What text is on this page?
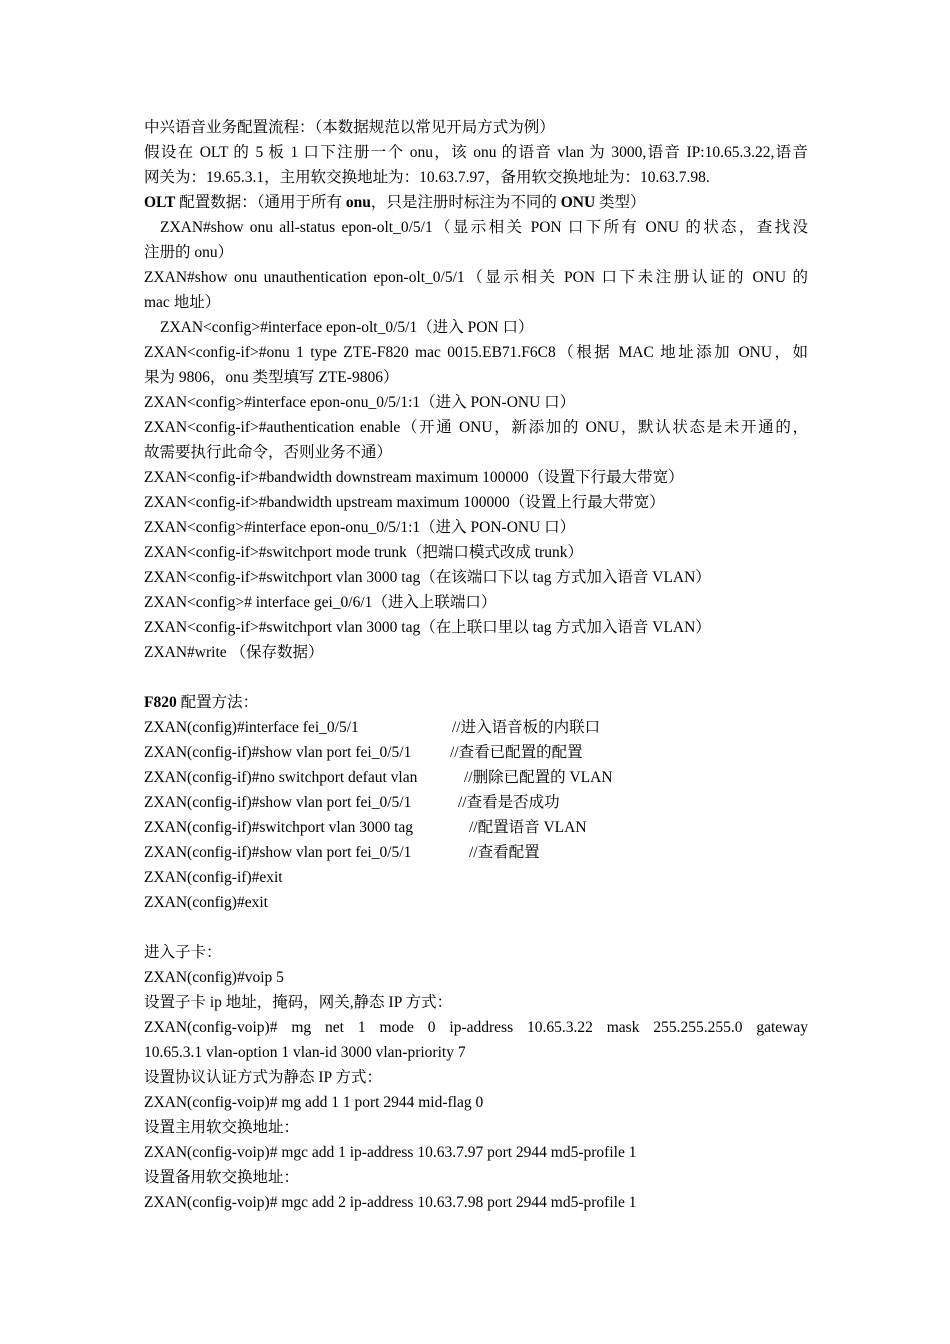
中兴语音业务配置流程：（本数据规范以常见开局方式为例）
假设在 OLT 的 5 板 1 口下注册一个 onu，该 onu 的语音 vlan 为 3000,语音 IP:10.65.3.22,语音
网关为：19.65.3.1，主用软交换地址为：10.63.7.97，备用软交换地址为：10.63.7.98.
OLT 配置数据：（通用于所有 onu，只是注册时标注为不同的 ONU 类型）
ZXAN#show onu all-status epon-olt_0/5/1（显示相关 PON 口下所有 ONU 的状态，查找没
注册的 onu）
ZXAN#show onu unauthentication epon-olt_0/5/1（显示相关 PON 口下未注册认证的 ONU 的
mac 地址）
ZXAN<config>#interface epon-olt_0/5/1（进入 PON 口）
ZXAN<config-if>#onu 1 type ZTE-F820 mac 0015.EB71.F6C8（根据 MAC 地址添加 ONU，如
果为 9806，onu 类型填写 ZTE-9806）
ZXAN<config>#interface epon-onu_0/5/1:1（进入 PON-ONU 口）
ZXAN<config-if>#authentication enable（开通 ONU，新添加的 ONU，默认状态是未开通的，
故需要执行此命令，否则业务不通）
ZXAN<config-if>#bandwidth downstream maximum 100000（设置下行最大带宽）
ZXAN<config-if>#bandwidth upstream maximum 100000（设置上行最大带宽）
ZXAN<config>#interface epon-onu_0/5/1:1（进入 PON-ONU 口）
ZXAN<config-if>#switchport mode trunk（把端口模式改成 trunk）
ZXAN<config-if>#switchport vlan 3000 tag（在该端口下以 tag 方式加入语音 VLAN）
ZXAN<config># interface gei_0/6/1（进入上联端口）
ZXAN<config-if>#switchport vlan 3000 tag（在上联口里以 tag 方式加入语音 VLAN）
ZXAN#write （保存数据）
F820 配置方法：
ZXAN(config)#interface fei_0/5/1	//进入语音板的内联口
ZXAN(config-if)#show vlan port fei_0/5/1	//查看已配置的配置
ZXAN(config-if)#no switchport defaut vlan	//删除已配置的 VLAN
ZXAN(config-if)#show vlan port fei_0/5/1	//查看是否成功
ZXAN(config-if)#switchport vlan 3000 tag	//配置语音 VLAN
ZXAN(config-if)#show vlan port fei_0/5/1	//查看配置
ZXAN(config-if)#exit
ZXAN(config)#exit
进入子卡：
ZXAN(config)#voip 5
设置子卡 ip 地址，掩码，网关,静态 IP 方式：
ZXAN(config-voip)# mg net 1 mode 0 ip-address 10.65.3.22 mask 255.255.255.0 gateway
10.65.3.1 vlan-option 1 vlan-id 3000 vlan-priority 7
设置协议认证方式为静态 IP 方式：
ZXAN(config-voip)# mg add 1 1 port 2944 mid-flag 0
设置主用软交换地址：
ZXAN(config-voip)# mgc add 1 ip-address 10.63.7.97 port 2944 md5-profile 1
设置备用软交换地址：
ZXAN(config-voip)# mgc add 2 ip-address 10.63.7.98 port 2944 md5-profile 1
